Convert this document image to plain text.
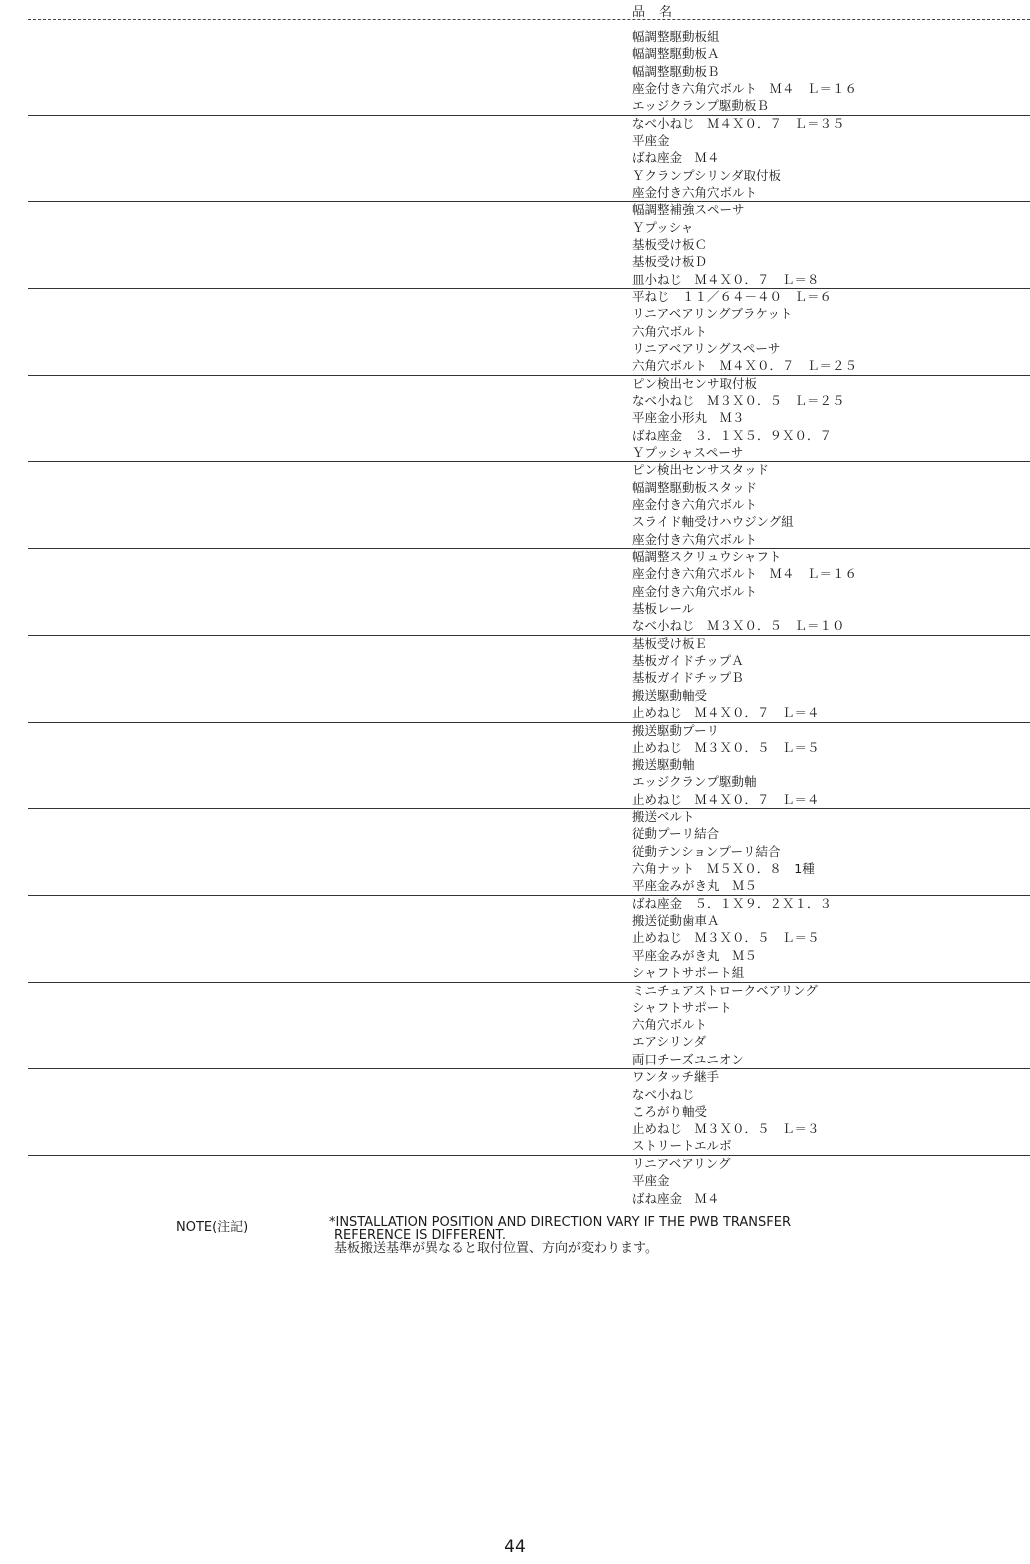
品　名
幅調整駆動板組
幅調整駆動板Ａ
幅調整駆動板Ｂ
座金付き六角穴ボルト　Ｍ４　Ｌ＝１６
エッジクランプ駆動板Ｂ
なべ小ねじ　Ｍ４Ｘ０．７　Ｌ＝３５
平座金
ばね座金　Ｍ４
Ｙクランプシリンダ取付板
座金付き六角穴ボルト
幅調整補強スペーサ
Ｙプッシャ
基板受け板Ｃ
基板受け板Ｄ
皿小ねじ　Ｍ４Ｘ０．７　Ｌ＝８
平ねじ　１１／６４－４０　Ｌ＝６
リニアベアリングブラケット
六角穴ボルト
リニアベアリングスペーサ
六角穴ボルト　Ｍ４Ｘ０．７　Ｌ＝２５
ピン検出センサ取付板
なべ小ねじ　Ｍ３Ｘ０．５　Ｌ＝２５
平座金小形丸　Ｍ３
ばね座金　３．１Ｘ５．９Ｘ０．７
Ｙプッシャスペーサ
ピン検出センサスタッド
幅調整駆動板スタッド
座金付き六角穴ボルト
スライド軸受けハウジング組
座金付き六角穴ボルト
幅調整スクリュウシャフト
座金付き六角穴ボルト　Ｍ４　Ｌ＝１６
座金付き六角穴ボルト
基板レール
なべ小ねじ　Ｍ３Ｘ０．５　Ｌ＝１０
基板受け板Ｅ
基板ガイドチップＡ
基板ガイドチップＢ
搬送駆動軸受
止めねじ　Ｍ４Ｘ０．７　Ｌ＝４
搬送駆動プーリ
止めねじ　Ｍ３Ｘ０．５　Ｌ＝５
搬送駆動軸
エッジクランプ駆動軸
止めねじ　Ｍ４Ｘ０．７　Ｌ＝４
搬送ベルト
従動プーリ結合
従動テンションプーリ結合
六角ナット　Ｍ５Ｘ０．８　1種
平座金みがき丸　Ｍ５
ばね座金　５．１Ｘ９．２Ｘ１．３
搬送従動歯車Ａ
止めねじ　Ｍ３Ｘ０．５　Ｌ＝５
平座金みがき丸　Ｍ５
シャフトサポート組
ミニチュアストロークベアリング
シャフトサポート
六角穴ボルト
エアシリンダ
両口チーズユニオン
ワンタッチ継手
なべ小ねじ
ころがり軸受
止めねじ　Ｍ３Ｘ０．５　Ｌ＝３
ストリートエルボ
リニアベアリング
平座金
ばね座金　Ｍ４
NOTE(注記)	*INSTALLATION POSITION AND DIRECTION VARY IF THE PWB TRANSFER
REFERENCE IS DIFFERENT.
基板搬送基準が異なると取付位置、方向が変わります。
44
